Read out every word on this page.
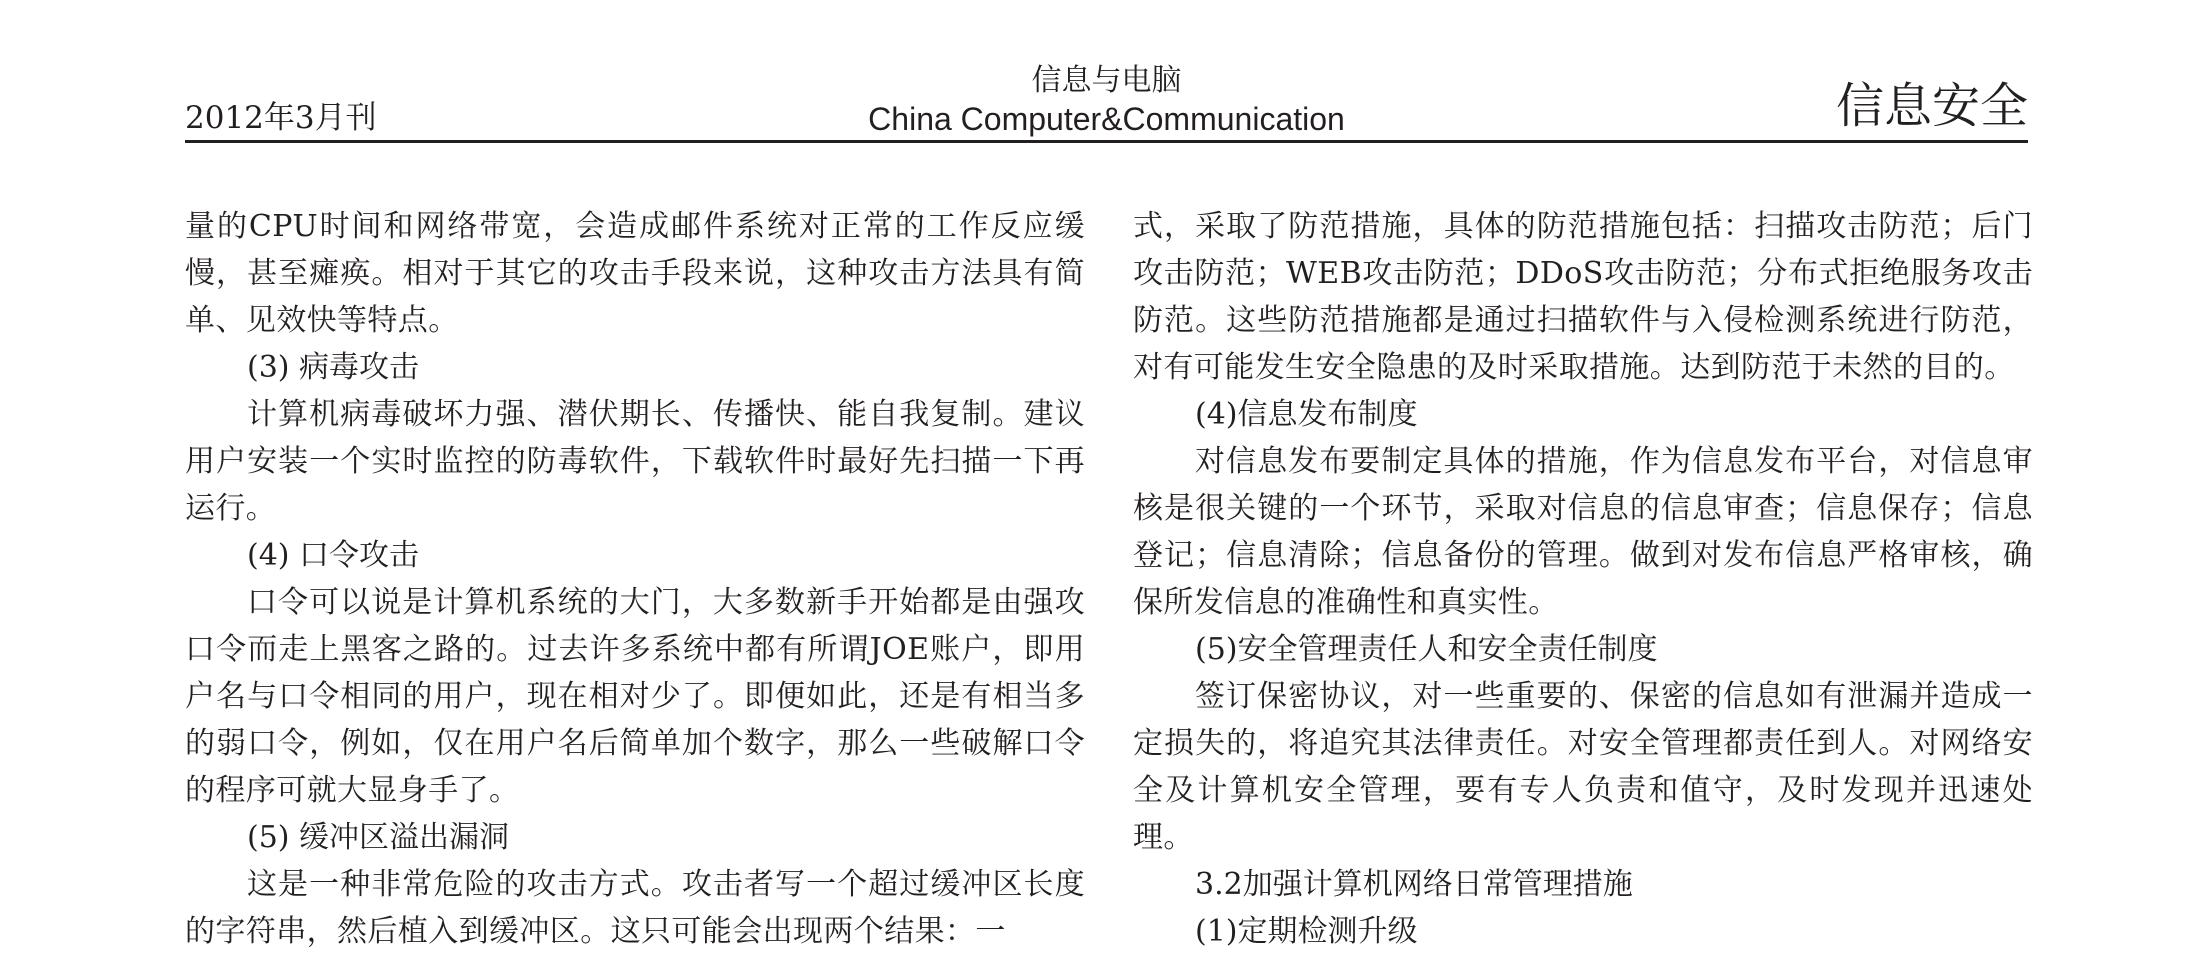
2012年3月刊
信息与电脑
China Computer&Communication	信息安全

量的CPU时间和网络带宽，会造成邮件系统对正常的工作反应缓慢，甚至瘫痪。相对于其它的攻击手段来说，这种攻击方法具有简单、见效快等特点。

(3) 病毒攻击

计算机病毒破坏力强、潜伏期长、传播快、能自我复制。建议用户安装一个实时监控的防毒软件，下载软件时最好先扫描一下再运行。

(4) 口令攻击

口令可以说是计算机系统的大门，大多数新手开始都是由强攻口令而走上黑客之路的。过去许多系统中都有所谓JOE账户，即用户名与口令相同的用户，现在相对少了。即便如此，还是有相当多的弱口令，例如，仅在用户名后简单加个数字，那么一些破解口令的程序可就大显身手了。

(5) 缓冲区溢出漏洞

这是一种非常危险的攻击方式。攻击者写一个超过缓冲区长度的字符串，然后植入到缓冲区。这只可能会出现两个结果：一

式，采取了防范措施，具体的防范措施包括：扫描攻击防范；后门攻击防范；WEB攻击防范；DDoS攻击防范；分布式拒绝服务攻击防范。这些防范措施都是通过扫描软件与入侵检测系统进行防范，对有可能发生安全隐患的及时采取措施。达到防范于未然的目的。

(4)信息发布制度

对信息发布要制定具体的措施，作为信息发布平台，对信息审核是很关键的一个环节，采取对信息的信息审查；信息保存；信息登记；信息清除；信息备份的管理。做到对发布信息严格审核，确保所发信息的准确性和真实性。

(5)安全管理责任人和安全责任制度

签订保密协议，对一些重要的、保密的信息如有泄漏并造成一定损失的，将追究其法律责任。对安全管理都责任到人。对网络安全及计算机安全管理，要有专人负责和值守，及时发现并迅速处理。

3.2加强计算机网络日常管理措施

(1)定期检测升级
